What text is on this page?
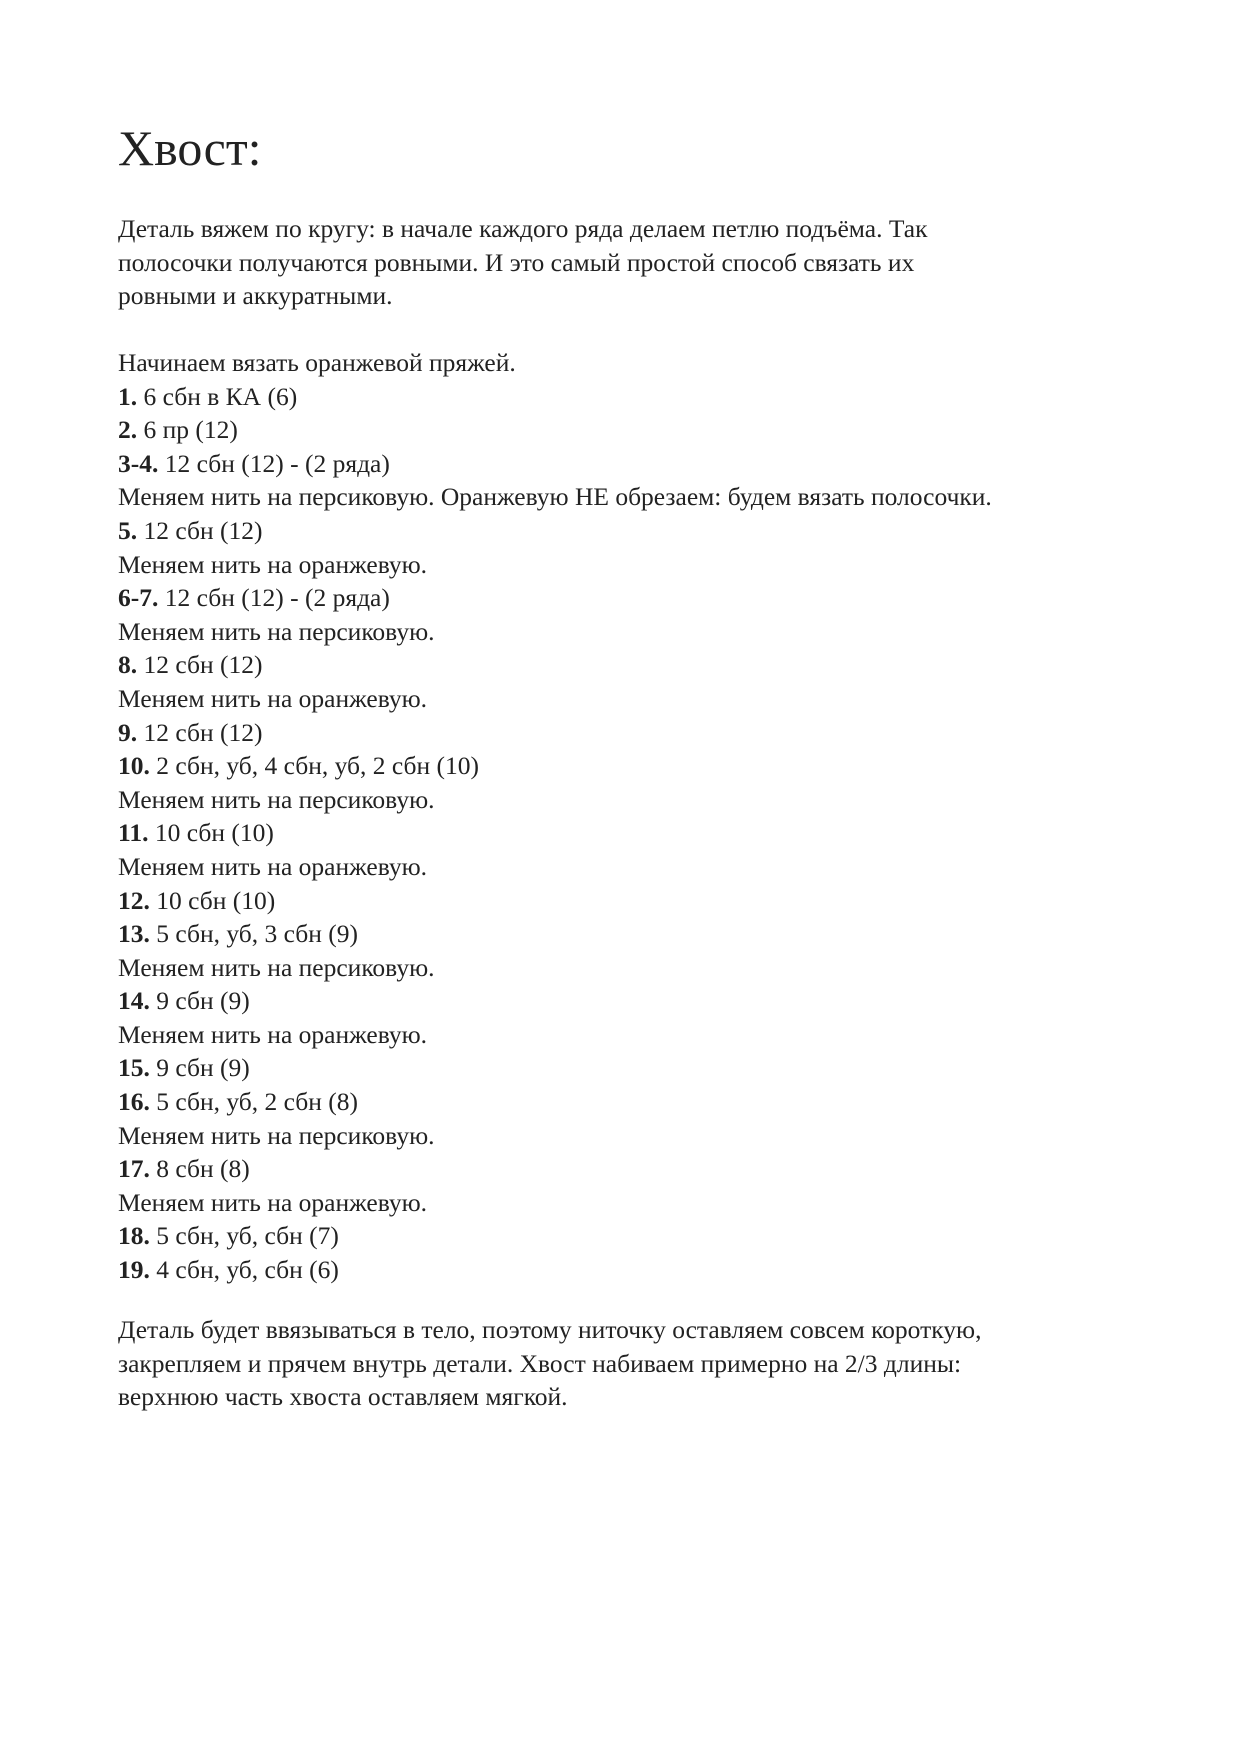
Хвост:
Деталь вяжем по кругу: в начале каждого ряда делаем петлю подъёма. Так
полосочки получаются ровными. И это самый простой способ связать их
ровными и аккуратными.
Начинаем вязать оранжевой пряжей.
1. 6 сбн в КА (6)
2. 6 пр (12)
3-4. 12 сбн (12) - (2 ряда)
Меняем нить на персиковую. Оранжевую НЕ обрезаем: будем вязать полосочки.
5. 12 сбн (12)
Меняем нить на оранжевую.
6-7. 12 сбн (12) - (2 ряда)
Меняем нить на персиковую.
8. 12 сбн (12)
Меняем нить на оранжевую.
9. 12 сбн (12)
10. 2 сбн, уб, 4 сбн, уб, 2 сбн (10)
Меняем нить на персиковую.
11. 10 сбн (10)
Меняем нить на оранжевую.
12. 10 сбн (10)
13. 5 сбн, уб, 3 сбн (9)
Меняем нить на персиковую.
14. 9 сбн (9)
Меняем нить на оранжевую.
15. 9 сбн (9)
16. 5 сбн, уб, 2 сбн (8)
Меняем нить на персиковую.
17. 8 сбн (8)
Меняем нить на оранжевую.
18. 5 сбн, уб, сбн (7)
19. 4 сбн, уб, сбн (6)
Деталь будет ввязываться в тело, поэтому ниточку оставляем совсем короткую,
закрепляем и прячем внутрь детали. Хвост набиваем примерно на 2/3 длины:
верхнюю часть хвоста оставляем мягкой.
